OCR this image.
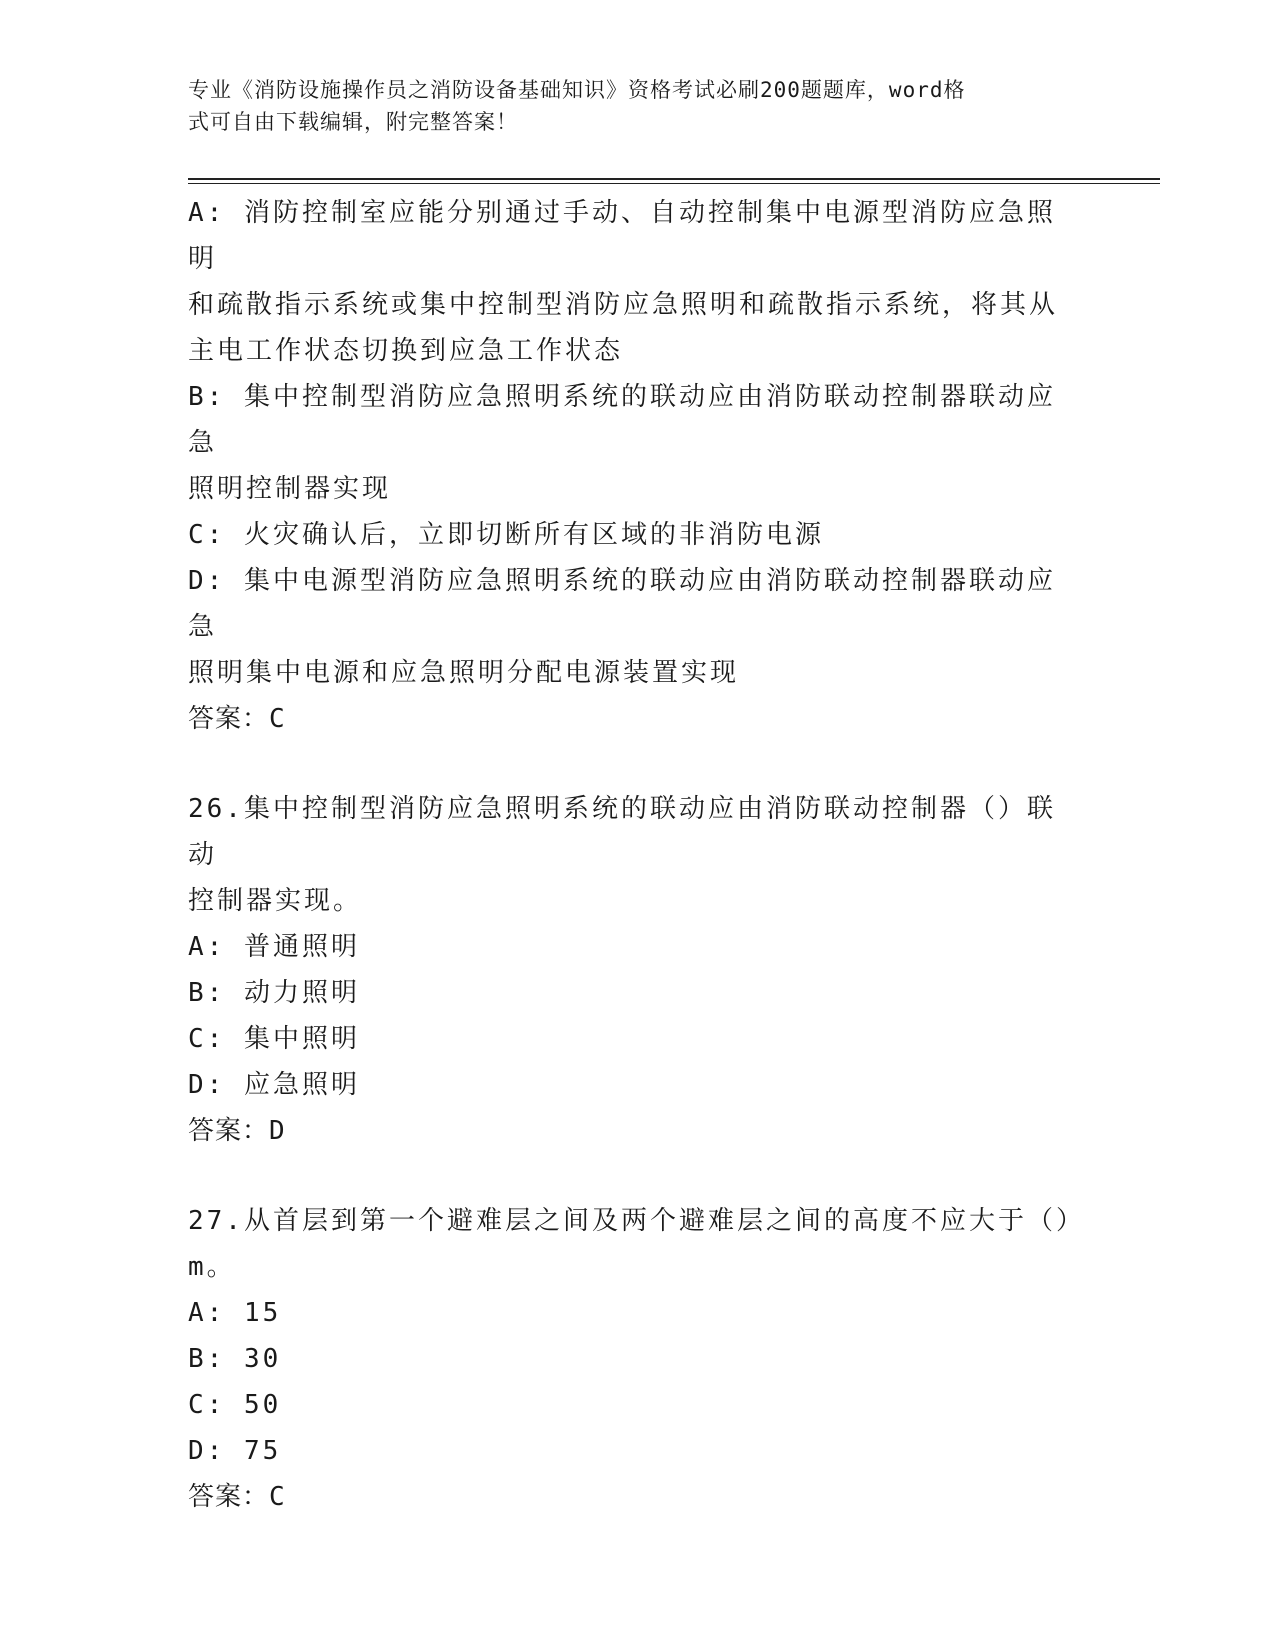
专业《消防设施操作员之消防设备基础知识》资格考试必刷200题题库，word格
式可自由下载编辑，附完整答案！
A: 消防控制室应能分别通过手动、自动控制集中电源型消防应急照明
和疏散指示系统或集中控制型消防应急照明和疏散指示系统，将其从
主电工作状态切换到应急工作状态
B: 集中控制型消防应急照明系统的联动应由消防联动控制器联动应急
照明控制器实现
C: 火灾确认后，立即切断所有区域的非消防电源
D: 集中电源型消防应急照明系统的联动应由消防联动控制器联动应急
照明集中电源和应急照明分配电源装置实现
答案：C
26.集中控制型消防应急照明系统的联动应由消防联动控制器（）联动
控制器实现。
A: 普通照明
B: 动力照明
C: 集中照明
D: 应急照明
答案：D
27.从首层到第一个避难层之间及两个避难层之间的高度不应大于（）
m。
A: 15
B: 30
C: 50
D: 75
答案：C
